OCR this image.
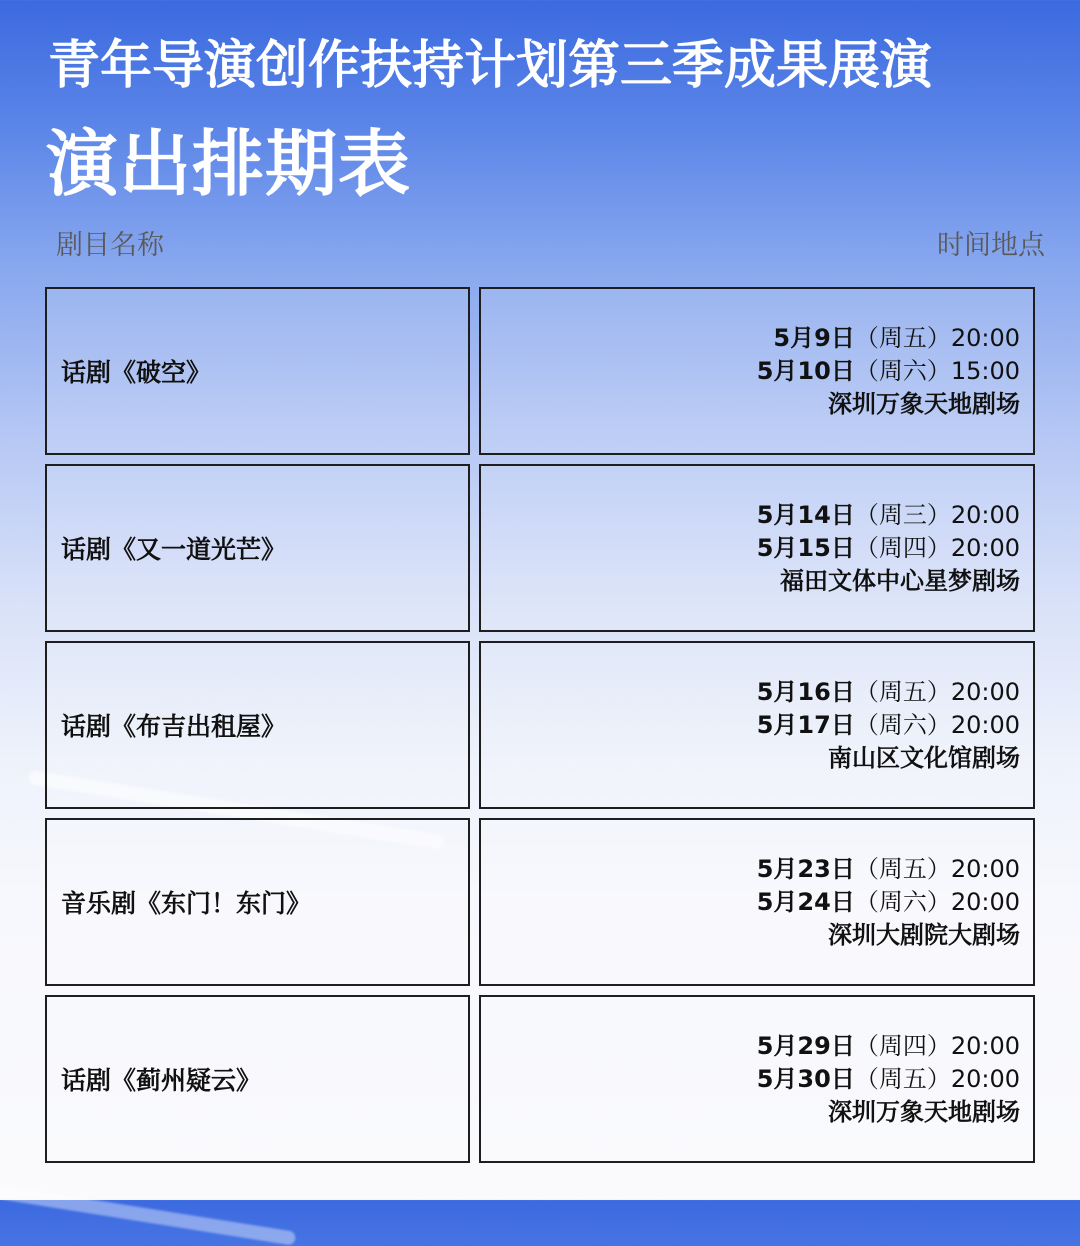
青年导演创作扶持计划第三季成果展演
演出排期表
剧目名称	时间地点
话剧《破空》
5月9日（周五）20:00
5月10日（周六）15:00
深圳万象天地剧场
话剧《又一道光芒》
5月14日（周三）20:00
5月15日（周四）20:00
福田文体中心星梦剧场
话剧《布吉出租屋》
5月16日（周五）20:00
5月17日（周六）20:00
南山区文化馆剧场
音乐剧《东门！东门》
5月23日（周五）20:00
5月24日（周六）20:00
深圳大剧院大剧场
话剧《蓟州疑云》
5月29日（周四）20:00
5月30日（周五）20:00
深圳万象天地剧场
